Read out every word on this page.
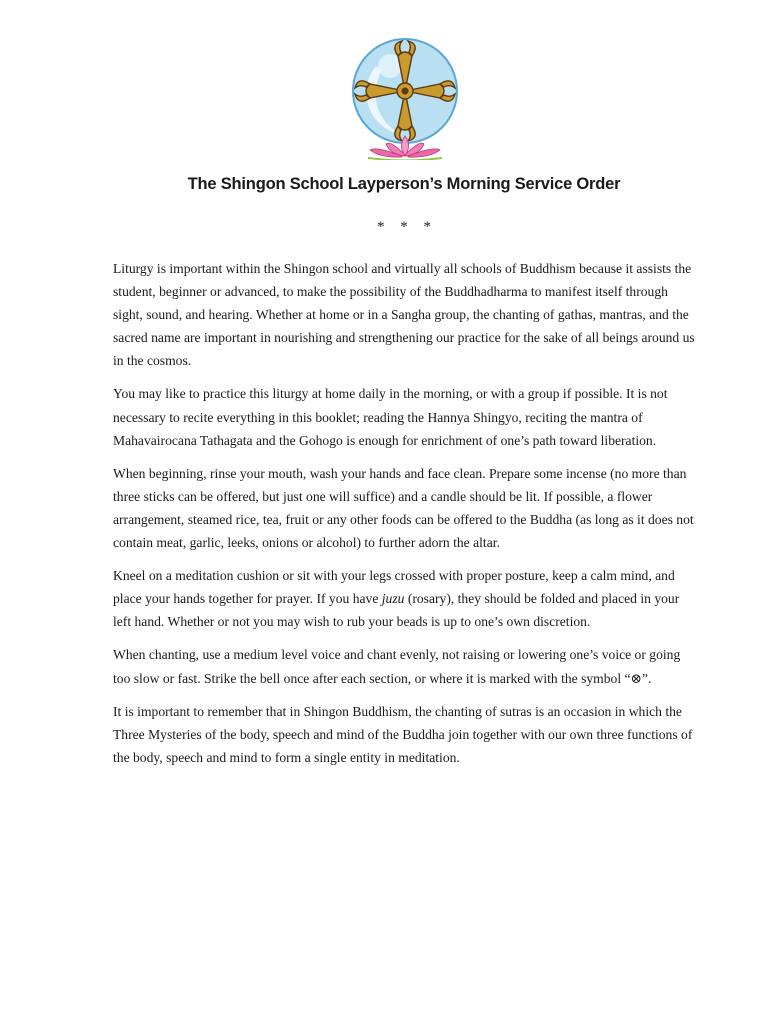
The Shingon School Layperson’s Morning Service Order
* * *

Liturgy is important within the Shingon school and virtually all schools of Buddhism because it assists the student, beginner or advanced, to make the possibility of the Buddhadharma to manifest itself through sight, sound, and hearing. Whether at home or in a Sangha group, the chanting of gathas, mantras, and the sacred name are important in nourishing and strengthening our practice for the sake of all beings around us in the cosmos.

You may like to practice this liturgy at home daily in the morning, or with a group if possible. It is not necessary to recite everything in this booklet; reading the Hannya Shingyo, reciting the mantra of Mahavairocana Tathagata and the Gohogo is enough for enrichment of one’s path toward liberation.

When beginning, rinse your mouth, wash your hands and face clean. Prepare some incense (no more than three sticks can be offered, but just one will suffice) and a candle should be lit. If possible, a flower arrangement, steamed rice, tea, fruit or any other foods can be offered to the Buddha (as long as it does not contain meat, garlic, leeks, onions or alcohol) to further adorn the altar.

Kneel on a meditation cushion or sit with your legs crossed with proper posture, keep a calm mind, and place your hands together for prayer. If you have juzu (rosary), they should be folded and placed in your left hand. Whether or not you may wish to rub your beads is up to one’s own discretion.

When chanting, use a medium level voice and chant evenly, not raising or lowering one’s voice or going too slow or fast. Strike the bell once after each section, or where it is marked with the symbol “⊗”.

It is important to remember that in Shingon Buddhism, the chanting of sutras is an occasion in which the Three Mysteries of the body, speech and mind of the Buddha join together with our own three functions of the body, speech and mind to form a single entity in meditation.
